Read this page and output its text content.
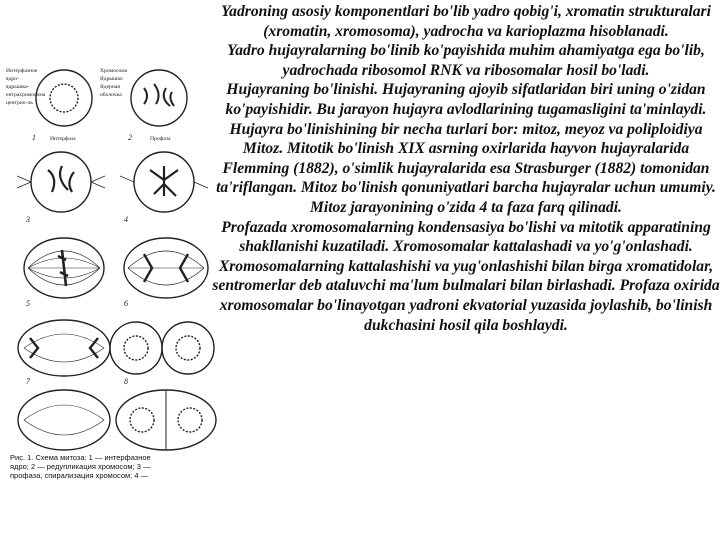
Интерфазное
ядро-
ядрышко-
ентрахромосома
центрио-ль
Хромосома
Ядрышко
Ядерная
оболочка
Интерфаза	Профаза
1	2
3	4
5	6
7	8
Рис. 1. Схема митоза: 1 — интерфазное
ядро; 2 — редупликация хромосом; 3 —
профаза, спирализация хромосом; 4 —

Yadroning asosiy komponentlari bo'lib yadro qobig'i, xromatin strukturalari (xromatin, xromosoma), yadrocha va karioplazma hisoblanadi.

Yadro hujayralarning bo'linib ko'payishida muhim ahamiyatga ega bo'lib, yadrochada ribosomol RNK va ribosomalar hosil bo'ladi.

Hujayraning bo'linishi. Hujayraning ajoyib sifatlaridan biri uning o'zidan ko'payishidir. Bu jarayon hujayra avlodlarining tugamasligini ta'minlaydi.

Hujayra bo'linishining bir necha turlari bor: mitoz, meyoz va poliploidiya

Mitoz. Mitotik bo'linish XIX asrning oxirlarida hayvon hujayralarida Flemming (1882), o'simlik hujayralarida esa Strasburger (1882) tomonidan ta'riflangan. Mitoz bo'linish qonuniyatlari barcha hujayralar uchun umumiy. Mitoz jarayonining o'zida 4 ta faza farq qilinadi.

Profazada xromosomalarning kondensasiya bo'lishi va mitotik apparatining shakllanishi kuzatiladi. Xromosomalar kattalashadi va yo'g'onlashadi. Xromosomalarning kattalashishi va yug'onlashishi bilan birga xromatidolar, sentromerlar deb ataluvchi ma'lum bulmalari bilan birlashadi. Profaza oxirida xromosomalar bo'linayotgan yadroni ekvatorial yuzasida joylashib, bo'linish dukchasini hosil qila boshlaydi.
